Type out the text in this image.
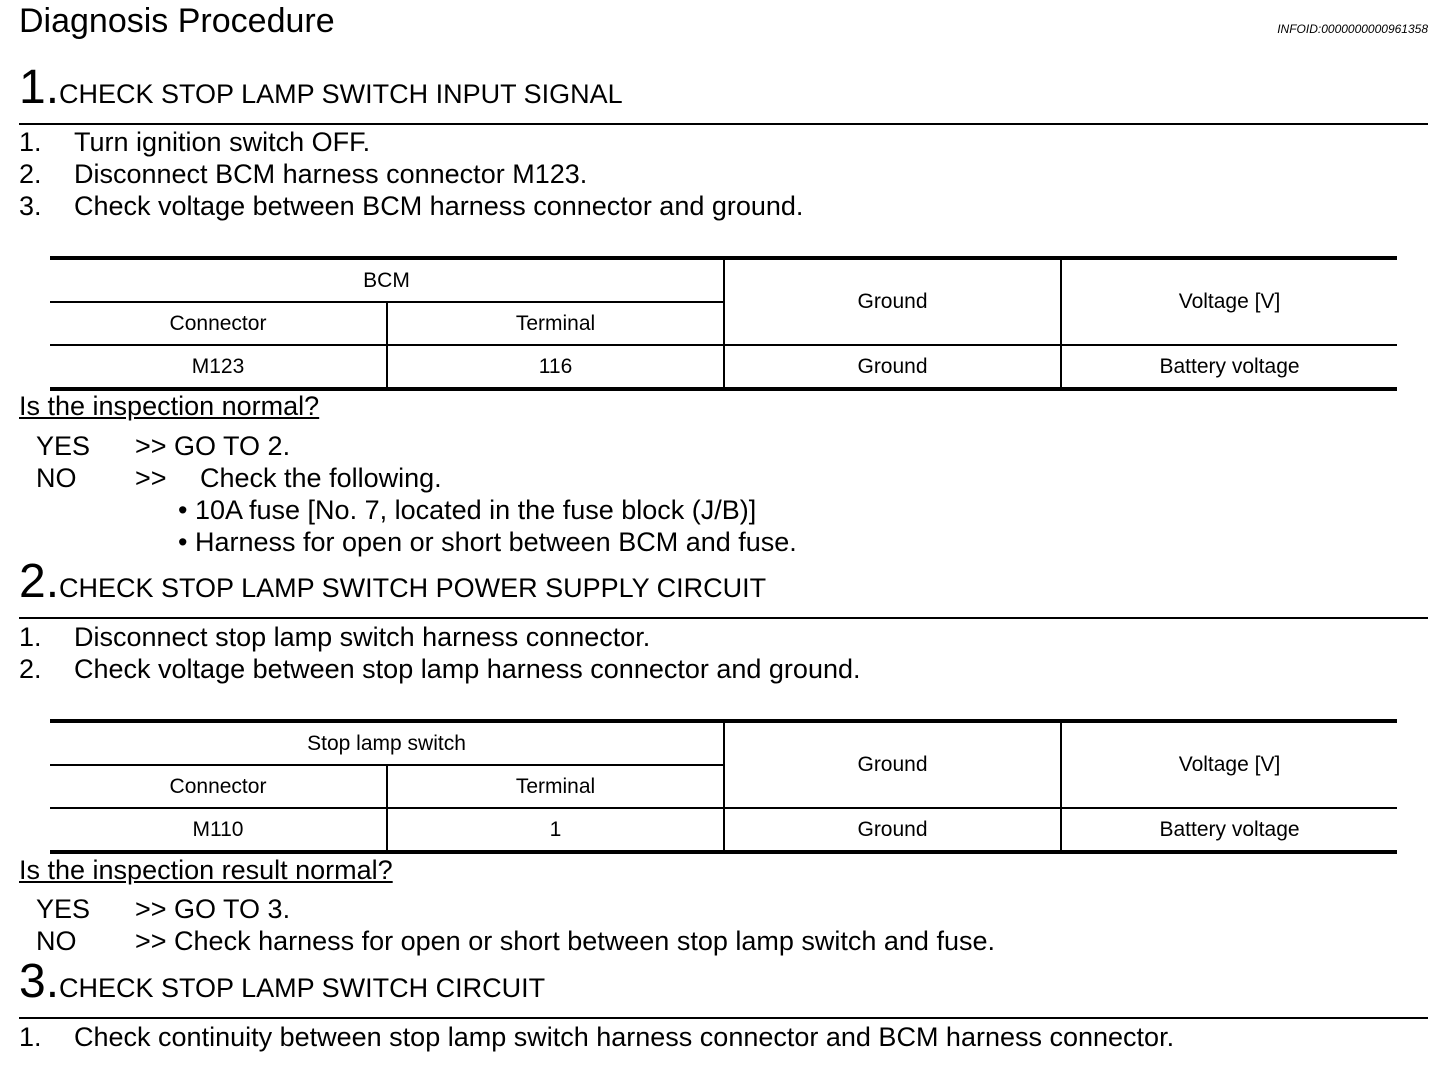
Diagnosis Procedure	INFOID:0000000000961358
1.CHECK STOP LAMP SWITCH INPUT SIGNAL
1. Turn ignition switch OFF.
2. Disconnect BCM harness connector M123.
3. Check voltage between BCM harness connector and ground.
BCM		Ground	Voltage [V]
Connector	Terminal		
M123	116	Ground	Battery voltage
Is the inspection normal?
YES >> GO TO 2.
NO >> Check the following.
• 10A fuse [No. 7, located in the fuse block (J/B)]
• Harness for open or short between BCM and fuse.
2.CHECK STOP LAMP SWITCH POWER SUPPLY CIRCUIT
1. Disconnect stop lamp switch harness connector.
2. Check voltage between stop lamp harness connector and ground.
Stop lamp switch		Ground	Voltage [V]
Connector	Terminal		
M110	1	Ground	Battery voltage
Is the inspection result normal?
YES >> GO TO 3.
NO >> Check harness for open or short between stop lamp switch and fuse.
3.CHECK STOP LAMP SWITCH CIRCUIT
1. Check continuity between stop lamp switch harness connector and BCM harness connector.
